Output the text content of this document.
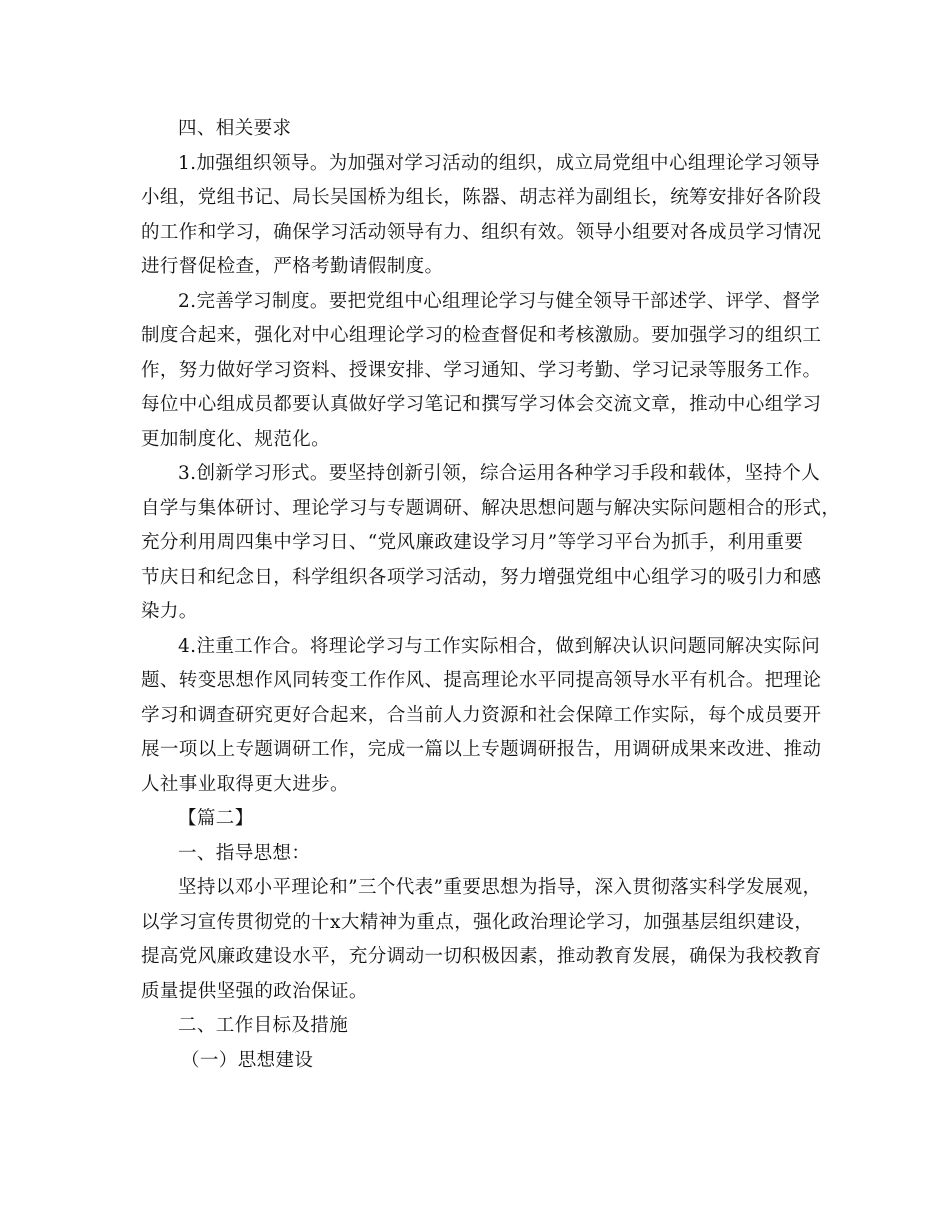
四、相关要求
1.加强组织领导。为加强对学习活动的组织，成立局党组中心组理论学习领导
小组，党组书记、局长吴国桥为组长，陈器、胡志祥为副组长，统筹安排好各阶段
的工作和学习，确保学习活动领导有力、组织有效。领导小组要对各成员学习情况
进行督促检查，严格考勤请假制度。
2.完善学习制度。要把党组中心组理论学习与健全领导干部述学、评学、督学
制度合起来，强化对中心组理论学习的检查督促和考核激励。要加强学习的组织工
作，努力做好学习资料、授课安排、学习通知、学习考勤、学习记录等服务工作。
每位中心组成员都要认真做好学习笔记和撰写学习体会交流文章，推动中心组学习
更加制度化、规范化。
3.创新学习形式。要坚持创新引领，综合运用各种学习手段和载体，坚持个人
自学与集体研讨、理论学习与专题调研、解决思想问题与解决实际问题相合的形式，
充分利用周四集中学习日、“党风廉政建设学习月”等学习平台为抓手，利用重要
节庆日和纪念日，科学组织各项学习活动，努力增强党组中心组学习的吸引力和感
染力。
4.注重工作合。将理论学习与工作实际相合，做到解决认识问题同解决实际问
题、转变思想作风同转变工作作风、提高理论水平同提高领导水平有机合。把理论
学习和调查研究更好合起来，合当前人力资源和社会保障工作实际，每个成员要开
展一项以上专题调研工作，完成一篇以上专题调研报告，用调研成果来改进、推动
人社事业取得更大进步。
【篇二】
一、指导思想：
坚持以邓小平理论和”三个代表”重要思想为指导，深入贯彻落实科学发展观，
以学习宣传贯彻党的十x大精神为重点，强化政治理论学习，加强基层组织建设，
提高党风廉政建设水平，充分调动一切积极因素，推动教育发展，确保为我校教育
质量提供坚强的政治保证。
二、工作目标及措施
（一）思想建设
